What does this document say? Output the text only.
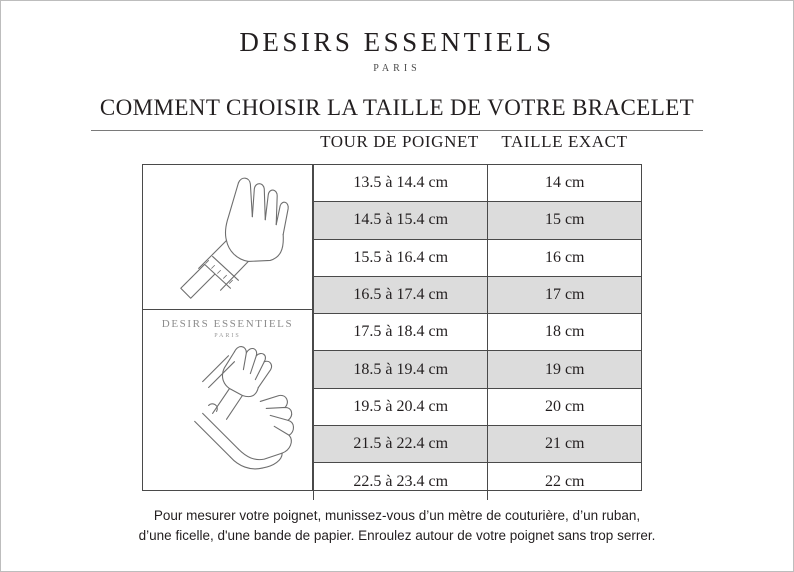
DESIRS ESSENTIELS
PARIS
COMMENT CHOISIR LA TAILLE DE VOTRE BRACELET
TOUR DE POIGNET	TAILLE EXACT
DESIRS ESSENTIELS
PARIS
13.5 à 14.4 cm	14 cm
14.5 à 15.4 cm	15 cm
15.5 à 16.4 cm	16 cm
16.5 à 17.4 cm	17 cm
17.5 à 18.4 cm	18 cm
18.5 à 19.4 cm	19 cm
19.5 à 20.4 cm	20 cm
21.5 à 22.4 cm	21 cm
22.5 à 23.4 cm	22 cm
Pour mesurer votre poignet, munissez-vous d’un mètre de couturière, d’un ruban,
d’une ficelle, d'une bande de papier. Enroulez autour de votre poignet sans trop serrer.
